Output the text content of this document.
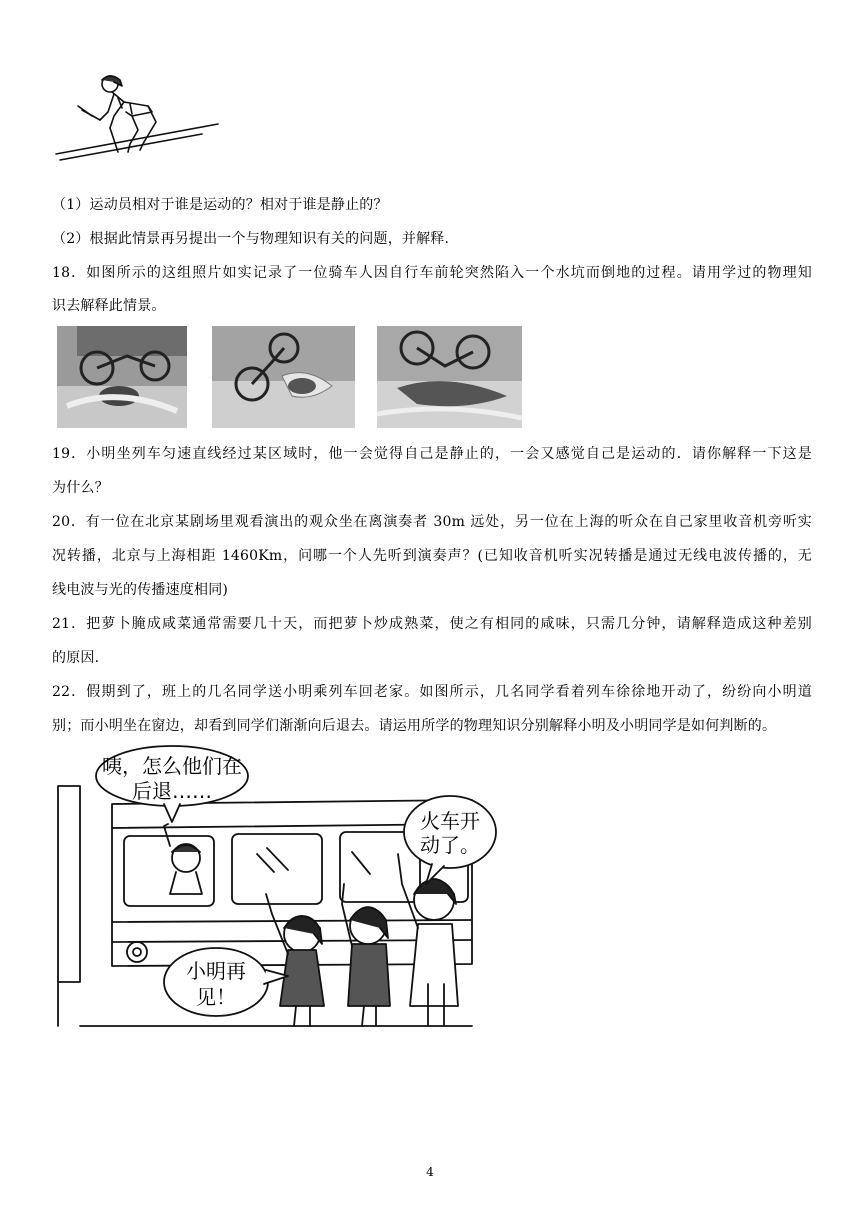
（1）运动员相对于谁是运动的？相对于谁是静止的？
（2）根据此情景再另提出一个与物理知识有关的问题，并解释.
18．如图所示的这组照片如实记录了一位骑车人因自行车前轮突然陷入一个水坑而倒地的过程。请用学过的物理知
识去解释此情景。
19．小明坐列车匀速直线经过某区域时，他一会觉得自己是静止的，一会又感觉自己是运动的．请你解释一下这是
为什么？
20．有一位在北京某剧场里观看演出的观众坐在离演奏者 30m 远处，另一位在上海的听众在自己家里收音机旁听实
况转播，北京与上海相距 1460Km，问哪一个人先听到演奏声？(已知收音机听实况转播是通过无线电波传播的，无
线电波与光的传播速度相同)
21．把萝卜腌成咸菜通常需要几十天，而把萝卜炒成熟菜，使之有相同的咸味，只需几分钟，请解释造成这种差别
的原因.
22．假期到了，班上的几名同学送小明乘列车回老家。如图所示，几名同学看着列车徐徐地开动了，纷纷向小明道
别；而小明坐在窗边，却看到同学们渐渐向后退去。请运用所学的物理知识分别解释小明及小明同学是如何判断的。
咦，怎么他们在
后退……
火车开
动了。
小明再
见！
4
